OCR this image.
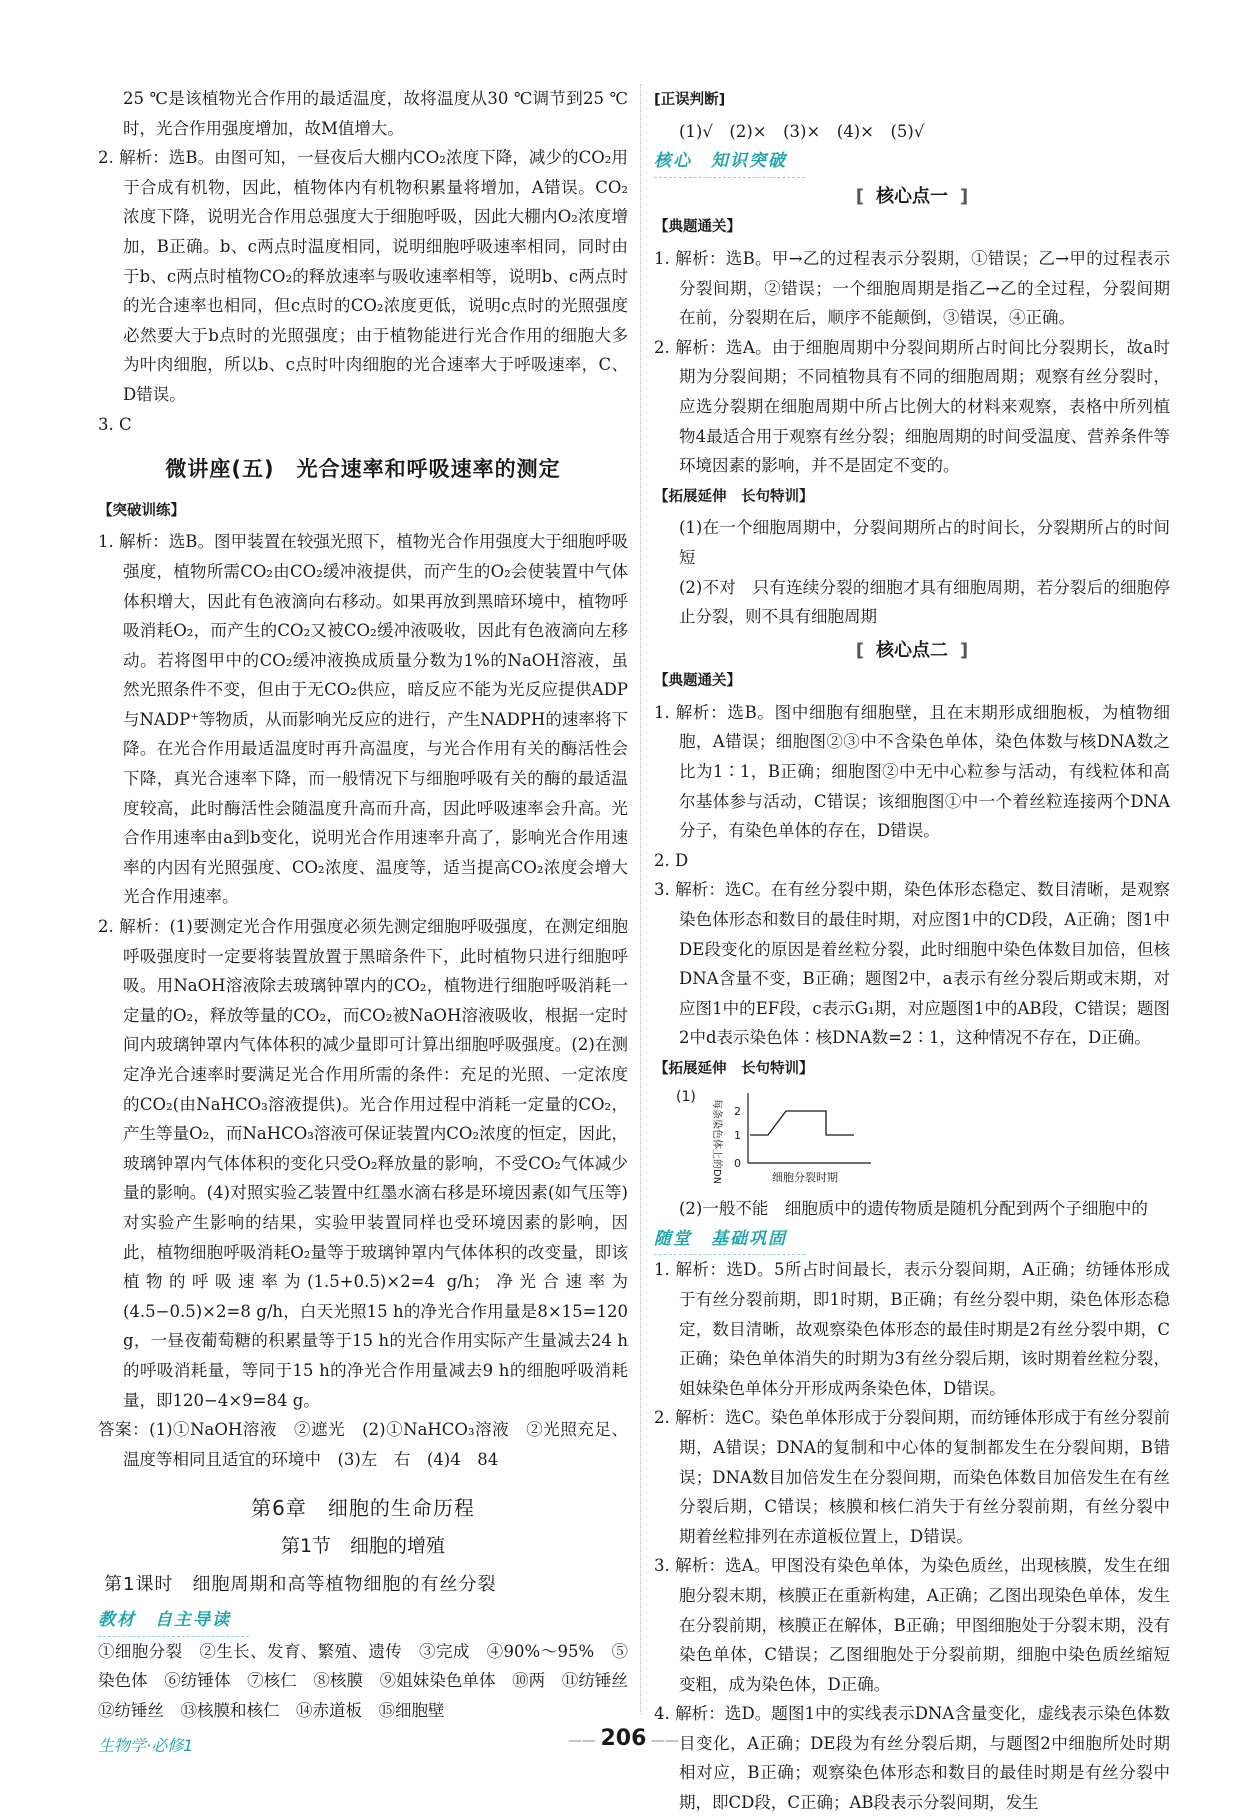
25 ℃是该植物光合作用的最适温度，故将温度从30 ℃调节到25 ℃时，光合作用强度增加，故M值增大。

2. 解析：选B。由图可知，一昼夜后大棚内CO₂浓度下降，减少的CO₂用于合成有机物，因此，植物体内有机物积累量将增加，A错误。CO₂浓度下降，说明光合作用总强度大于细胞呼吸，因此大棚内O₂浓度增加，B正确。b、c两点时温度相同，说明细胞呼吸速率相同，同时由于b、c两点时植物CO₂的释放速率与吸收速率相等，说明b、c两点时的光合速率也相同，但c点时的CO₂浓度更低，说明c点时的光照强度必然要大于b点时的光照强度；由于植物能进行光合作用的细胞大多为叶肉细胞，所以b、c点时叶肉细胞的光合速率大于呼吸速率，C、D错误。

3. C

微讲座(五)　光合速率和呼吸速率的测定
【突破训练】

1. 解析：选B。图甲装置在较强光照下，植物光合作用强度大于细胞呼吸强度，植物所需CO₂由CO₂缓冲液提供，而产生的O₂会使装置中气体体积增大，因此有色液滴向右移动。如果再放到黑暗环境中，植物呼吸消耗O₂，而产生的CO₂又被CO₂缓冲液吸收，因此有色液滴向左移动。若将图甲中的CO₂缓冲液换成质量分数为1%的NaOH溶液，虽然光照条件不变，但由于无CO₂供应，暗反应不能为光反应提供ADP与NADP⁺等物质，从而影响光反应的进行，产生NADPH的速率将下降。在光合作用最适温度时再升高温度，与光合作用有关的酶活性会下降，真光合速率下降，而一般情况下与细胞呼吸有关的酶的最适温度较高，此时酶活性会随温度升高而升高，因此呼吸速率会升高。光合作用速率由a到b变化，说明光合作用速率升高了，影响光合作用速率的内因有光照强度、CO₂浓度、温度等，适当提高CO₂浓度会增大光合作用速率。

2. 解析：(1)要测定光合作用强度必须先测定细胞呼吸强度，在测定细胞呼吸强度时一定要将装置放置于黑暗条件下，此时植物只进行细胞呼吸。用NaOH溶液除去玻璃钟罩内的CO₂，植物进行细胞呼吸消耗一定量的O₂，释放等量的CO₂，而CO₂被NaOH溶液吸收，根据一定时间内玻璃钟罩内气体体积的减少量即可计算出细胞呼吸强度。(2)在测定净光合速率时要满足光合作用所需的条件：充足的光照、一定浓度的CO₂(由NaHCO₃溶液提供)。光合作用过程中消耗一定量的CO₂，产生等量O₂，而NaHCO₃溶液可保证装置内CO₂浓度的恒定，因此，玻璃钟罩内气体体积的变化只受O₂释放量的影响，不受CO₂气体减少量的影响。(4)对照实验乙装置中红墨水滴右移是环境因素(如气压等)对实验产生影响的结果，实验甲装置同样也受环境因素的影响，因此，植物细胞呼吸消耗O₂量等于玻璃钟罩内气体体积的改变量，即该植物的呼吸速率为(1.5+0.5)×2=4 g/h；净光合速率为(4.5−0.5)×2=8 g/h，白天光照15 h的净光合作用量是8×15=120 g，一昼夜葡萄糖的积累量等于15 h的光合作用实际产生量减去24 h的呼吸消耗量，等同于15 h的净光合作用量减去9 h的细胞呼吸消耗量，即120−4×9=84 g。

答案：(1)①NaOH溶液　②遮光　(2)①NaHCO₃溶液　②光照充足、温度等相同且适宜的环境中　(3)左　右　(4)4　84

第6章　细胞的生命历程
第1节　细胞的增殖
第1课时　细胞周期和高等植物细胞的有丝分裂
教材　自主导读

①细胞分裂　②生长、发育、繁殖、遗传　③完成　④90%～95%　⑤染色体　⑥纺锤体　⑦核仁　⑧核膜　⑨姐妹染色单体　⑩两　⑪纺锤丝　⑫纺锤丝　⑬核膜和核仁　⑭赤道板　⑮细胞壁

[正误判断]

(1)√　(2)×　(3)×　(4)×　(5)√

核心　知识突破
[ 核心点一 ]
【典题通关】

1. 解析：选B。甲→乙的过程表示分裂期，①错误；乙→甲的过程表示分裂间期，②错误；一个细胞周期是指乙→乙的全过程，分裂间期在前，分裂期在后，顺序不能颠倒，③错误，④正确。

2. 解析：选A。由于细胞周期中分裂间期所占时间比分裂期长，故a时期为分裂间期；不同植物具有不同的细胞周期；观察有丝分裂时，应选分裂期在细胞周期中所占比例大的材料来观察，表格中所列植物4最适合用于观察有丝分裂；细胞周期的时间受温度、营养条件等环境因素的影响，并不是固定不变的。

【拓展延伸　长句特训】

(1)在一个细胞周期中，分裂间期所占的时间长，分裂期所占的时间短

(2)不对　只有连续分裂的细胞才具有细胞周期，若分裂后的细胞停止分裂，则不具有细胞周期

[ 核心点二 ]
【典题通关】

1. 解析：选B。图中细胞有细胞壁，且在末期形成细胞板，为植物细胞，A错误；细胞图②③中不含染色单体，染色体数与核DNA数之比为1∶1，B正确；细胞图②中无中心粒参与活动，有线粒体和高尔基体参与活动，C错误；该细胞图①中一个着丝粒连接两个DNA分子，有染色单体的存在，D错误。

2. D

3. 解析：选C。在有丝分裂中期，染色体形态稳定、数目清晰，是观察染色体形态和数目的最佳时期，对应图1中的CD段，A正确；图1中DE段变化的原因是着丝粒分裂，此时细胞中染色体数目加倍，但核DNA含量不变，B正确；题图2中，a表示有丝分裂后期或末期，对应图1中的EF段，c表示G₁期，对应题图1中的AB段，C错误；题图2中d表示染色体∶核DNA数=2∶1，这种情况不存在，D正确。

【拓展延伸　长句特训】
(1)
每条染色体上的DNA数量 2
1
0
细胞分裂时期

(2)一般不能　细胞质中的遗传物质是随机分配到两个子细胞中的

随堂　基础巩固

1. 解析：选D。5所占时间最长，表示分裂间期，A正确；纺锤体形成于有丝分裂前期，即1时期，B正确；有丝分裂中期，染色体形态稳定，数目清晰，故观察染色体形态的最佳时期是2有丝分裂中期，C正确；染色单体消失的时期为3有丝分裂后期，该时期着丝粒分裂，姐妹染色单体分开形成两条染色体，D错误。

2. 解析：选C。染色单体形成于分裂间期，而纺锤体形成于有丝分裂前期，A错误；DNA的复制和中心体的复制都发生在分裂间期，B错误；DNA数目加倍发生在分裂间期，而染色体数目加倍发生在有丝分裂后期，C错误；核膜和核仁消失于有丝分裂前期，有丝分裂中期着丝粒排列在赤道板位置上，D错误。

3. 解析：选A。甲图没有染色单体，为染色质丝，出现核膜，发生在细胞分裂末期，核膜正在重新构建，A正确；乙图出现染色单体，发生在分裂前期，核膜正在解体，B正确；甲图细胞处于分裂末期，没有染色单体，C错误；乙图细胞处于分裂前期，细胞中染色质丝缩短变粗，成为染色体，D正确。

4. 解析：选D。题图1中的实线表示DNA含量变化，虚线表示染色体数目变化，A正确；DE段为有丝分裂后期，与题图2中细胞所处时期相对应，B正确；观察染色体形态和数目的最佳时期是有丝分裂中期，即CD段，C正确；AB段表示分裂间期，发生

生物学·必修1
——	206 ——
